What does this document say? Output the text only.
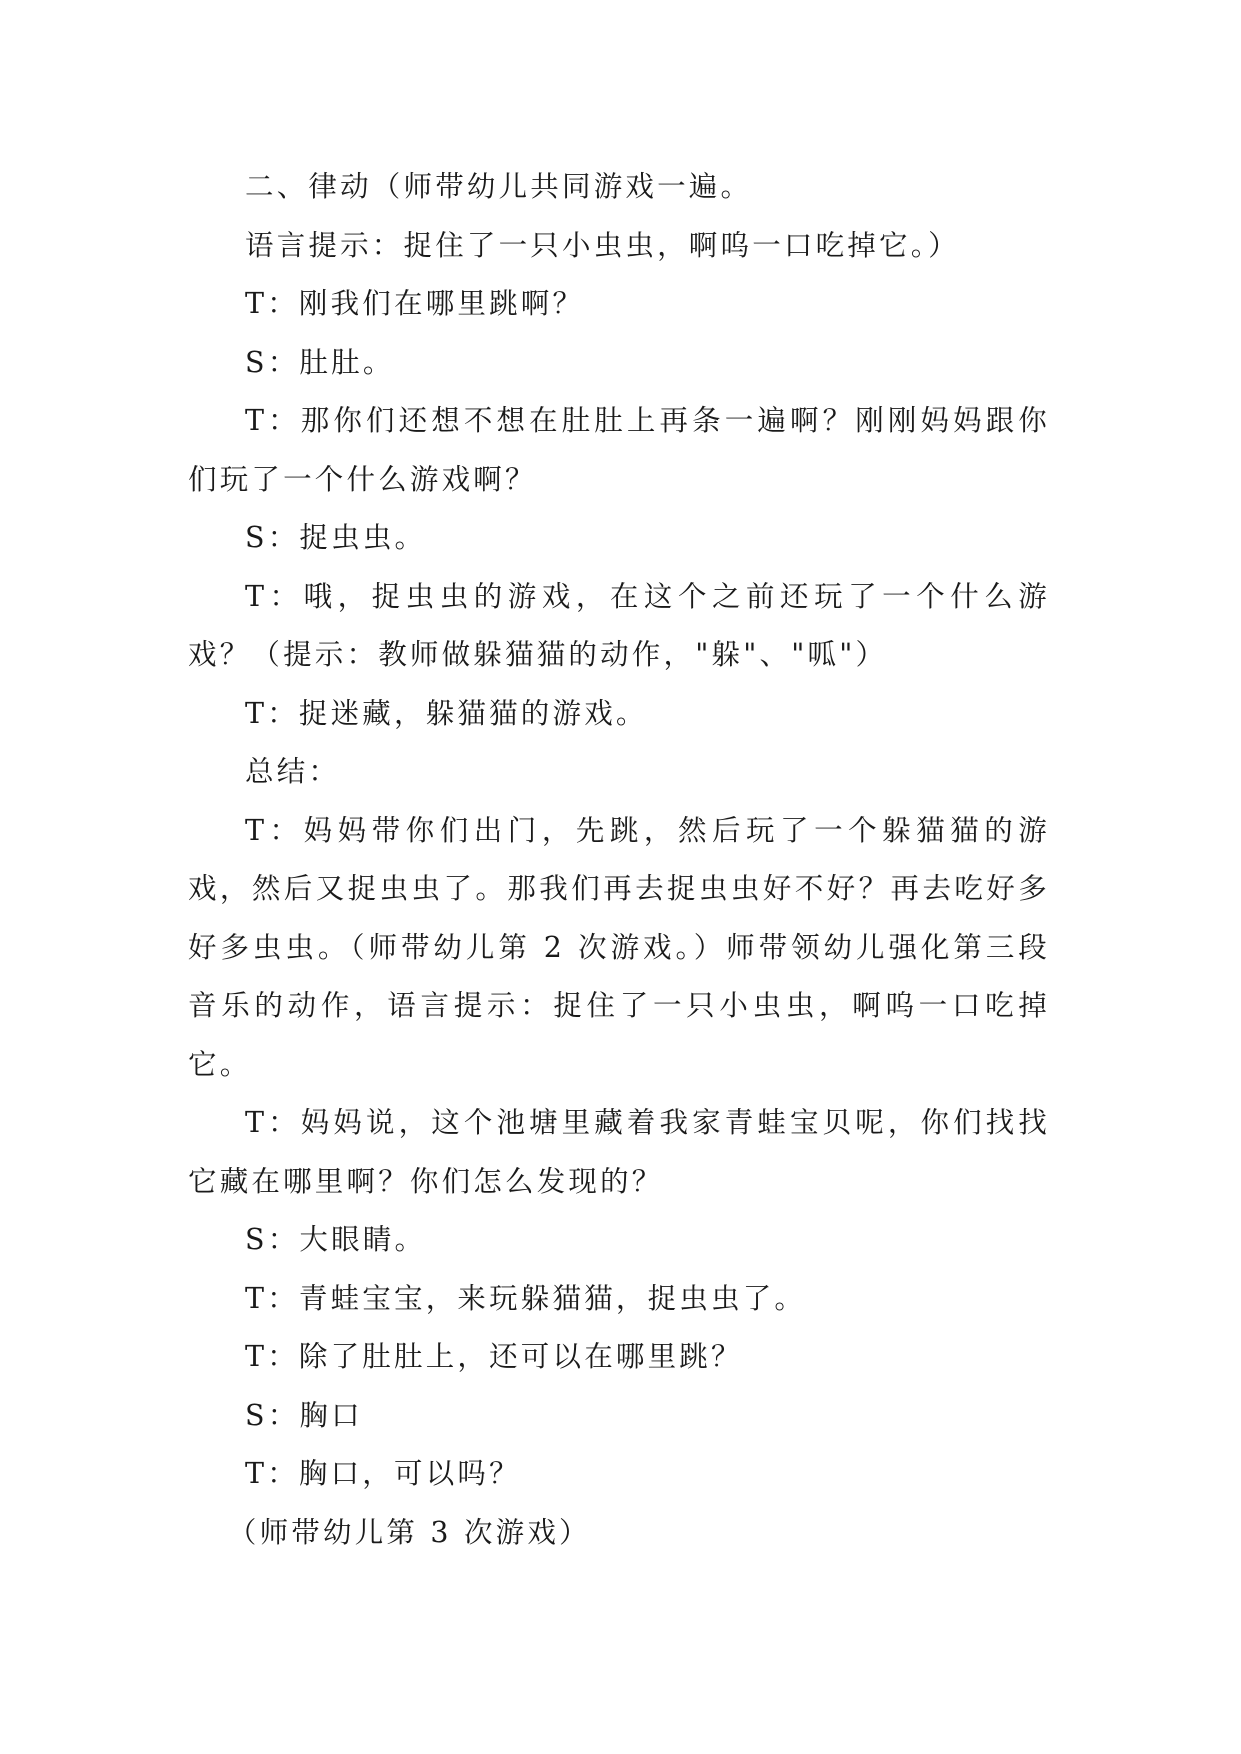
二、律动（师带幼儿共同游戏一遍。

语言提示：捉住了一只小虫虫，啊呜一口吃掉它。）

T：刚我们在哪里跳啊？

S：肚肚。

T：那你们还想不想在肚肚上再条一遍啊？刚刚妈妈跟你们玩了一个什么游戏啊？

S：捉虫虫。

T：哦，捉虫虫的游戏，在这个之前还玩了一个什么游戏？（提示：教师做躲猫猫的动作，"躲"、"呱"）

T：捉迷藏，躲猫猫的游戏。

总结：

T：妈妈带你们出门，先跳，然后玩了一个躲猫猫的游戏，然后又捉虫虫了。那我们再去捉虫虫好不好？再去吃好多好多虫虫。（师带幼儿第 2 次游戏。）师带领幼儿强化第三段音乐的动作，语言提示：捉住了一只小虫虫，啊呜一口吃掉它。

T：妈妈说，这个池塘里藏着我家青蛙宝贝呢，你们找找它藏在哪里啊？你们怎么发现的？

S：大眼睛。

T：青蛙宝宝，来玩躲猫猫，捉虫虫了。

T：除了肚肚上，还可以在哪里跳？

S：胸口

T：胸口，可以吗？

（师带幼儿第 3 次游戏）
